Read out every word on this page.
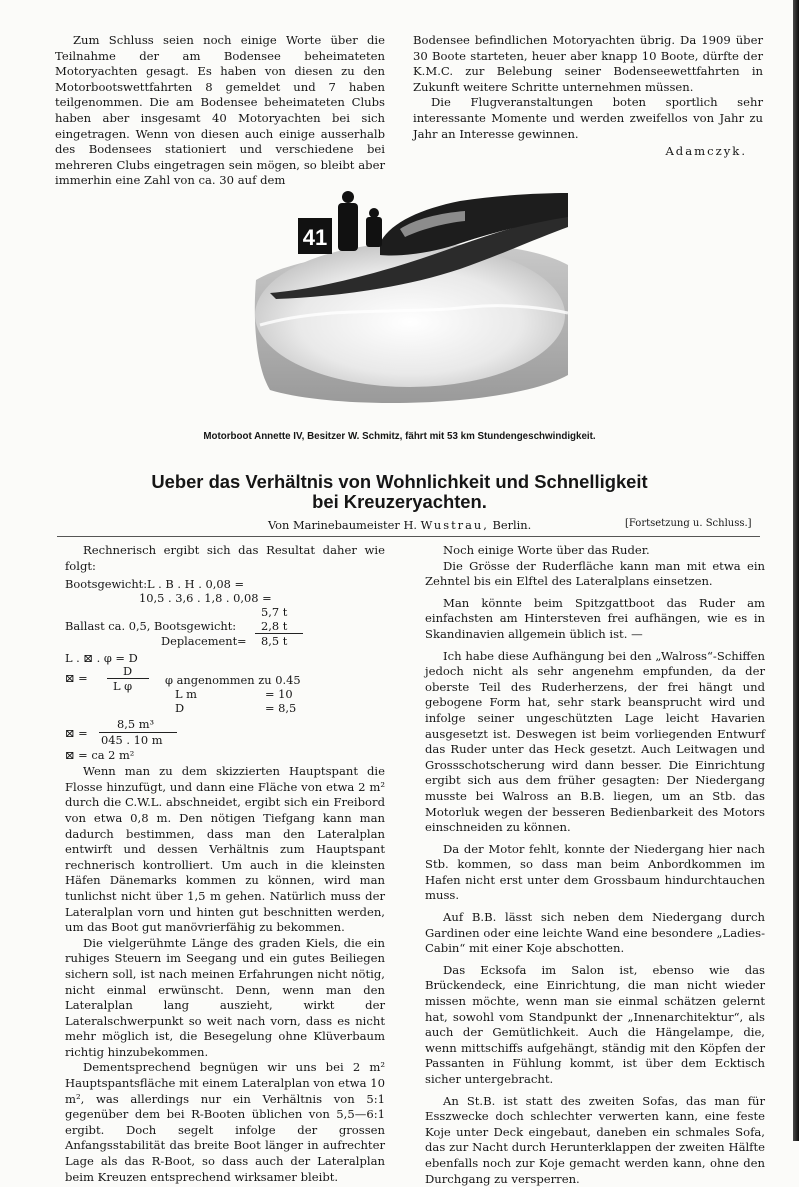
Zum Schluss seien noch einige Worte über die Teilnahme der am Bodensee beheimateten Motoryachten gesagt. Es haben von diesen zu den Motorbootswettfahrten 8 gemeldet und 7 haben teilgenommen. Die am Bodensee beheimateten Clubs haben aber insgesamt 40 Motoryachten bei sich eingetragen. Wenn von diesen auch einige ausserhalb des Bodensees stationiert und verschiedene bei mehreren Clubs eingetragen sein mögen, so bleibt aber immerhin eine Zahl von ca. 30 auf dem

Bodensee befindlichen Motoryachten übrig. Da 1909 über 30 Boote starteten, heuer aber knapp 10 Boote, dürfte der K.M.C. zur Belebung seiner Bodenseewettfahrten in Zukunft weitere Schritte unternehmen müssen.

Die Flugveranstaltungen boten sportlich sehr interessante Momente und werden zweifellos von Jahr zu Jahr an Interesse gewinnen.

Adamczyk.
41
Motorboot Annette IV, Besitzer W. Schmitz, fährt mit 53 km Stundengeschwindigkeit.
Ueber das Verhältnis von Wohnlichkeit und Schnelligkeit
bei Kreuzeryachten.
Von Marinebaumeister H. Wustrau, Berlin.	[Fortsetzung u. Schluss.]

Rechnerisch ergibt sich das Resultat daher wie folgt:

Bootsgewicht: L . B . H . 0,08 =
10,5 . 3,6 . 1,8 . 0,08 =
5,7 t
Ballast ca. 0,5, Bootsgewicht: 2,8 t
Deplacement = 8,5 t
L . ⊠ . φ = D
⊠ =	D
L φ	φ angenommen zu 0.45
L m	= 10
D	= 8,5
⊠ =
8,5 m³
045 . 10 m
⊠ = ca 2 m²

Wenn man zu dem skizzierten Hauptspant die Flosse hinzufügt, und dann eine Fläche von etwa 2 m² durch die C.W.L. abschneidet, ergibt sich ein Freibord von etwa 0,8 m. Den nötigen Tiefgang kann man dadurch bestimmen, dass man den Lateralplan entwirft und dessen Verhältnis zum Hauptspant rechnerisch kontrolliert. Um auch in die kleinsten Häfen Dänemarks kommen zu können, wird man tunlichst nicht über 1,5 m gehen. Natürlich muss der Lateralplan vorn und hinten gut beschnitten werden, um das Boot gut manövrierfähig zu bekommen.

Die vielgerühmte Länge des graden Kiels, die ein ruhiges Steuern im Seegang und ein gutes Beiliegen sichern soll, ist nach meinen Erfahrungen nicht nötig, nicht einmal erwünscht. Denn, wenn man den Lateralplan lang auszieht, wirkt der Lateralschwerpunkt so weit nach vorn, dass es nicht mehr möglich ist, die Besegelung ohne Klüverbaum richtig hinzubekommen.

Dementsprechend begnügen wir uns bei 2 m² Hauptspantsfläche mit einem Lateralplan von etwa 10 m², was allerdings nur ein Verhältnis von 5:1 gegenüber dem bei R-Booten üblichen von 5,5—6:1 ergibt. Doch segelt infolge der grossen Anfangsstabilität das breite Boot länger in aufrechter Lage als das R-Boot, so dass auch der Lateralplan beim Kreuzen entsprechend wirksamer bleibt.

Noch einige Worte über das Ruder.

Die Grösse der Ruderfläche kann man mit etwa ein Zehntel bis ein Elftel des Lateralplans einsetzen.

Man könnte beim Spitzgattboot das Ruder am einfachsten am Hintersteven frei aufhängen, wie es in Skandinavien allgemein üblich ist. —

Ich habe diese Aufhängung bei den „Walross“-Schiffen jedoch nicht als sehr angenehm empfunden, da der oberste Teil des Ruderherzens, der frei hängt und gebogene Form hat, sehr stark beansprucht wird und infolge seiner ungeschützten Lage leicht Havarien ausgesetzt ist. Deswegen ist beim vorliegenden Entwurf das Ruder unter das Heck gesetzt. Auch Leitwagen und Grossschotscherung wird dann besser. Die Einrichtung ergibt sich aus dem früher gesagten: Der Niedergang musste bei Walross an B.B. liegen, um an Stb. das Motorluk wegen der besseren Bedienbarkeit des Motors einschneiden zu können.

Da der Motor fehlt, konnte der Niedergang hier nach Stb. kommen, so dass man beim Anbordkommen im Hafen nicht erst unter dem Grossbaum hindurchtauchen muss.

Auf B.B. lässt sich neben dem Niedergang durch Gardinen oder eine leichte Wand eine besondere „Ladies-Cabin“ mit einer Koje abschotten.

Das Ecksofa im Salon ist, ebenso wie das Brückendeck, eine Einrichtung, die man nicht wieder missen möchte, wenn man sie einmal schätzen gelernt hat, sowohl vom Standpunkt der „Innenarchitektur“, als auch der Gemütlichkeit. Auch die Hängelampe, die, wenn mittschiffs aufgehängt, ständig mit den Köpfen der Passanten in Fühlung kommt, ist über dem Ecktisch sicher untergebracht.

An St.B. ist statt des zweiten Sofas, das man für Esszwecke doch schlechter verwerten kann, eine feste Koje unter Deck eingebaut, daneben ein schmales Sofa, das zur Nacht durch Herunterklappen der zweiten Hälfte ebenfalls noch zur Koje gemacht werden kann, ohne den Durchgang zu versperren.
